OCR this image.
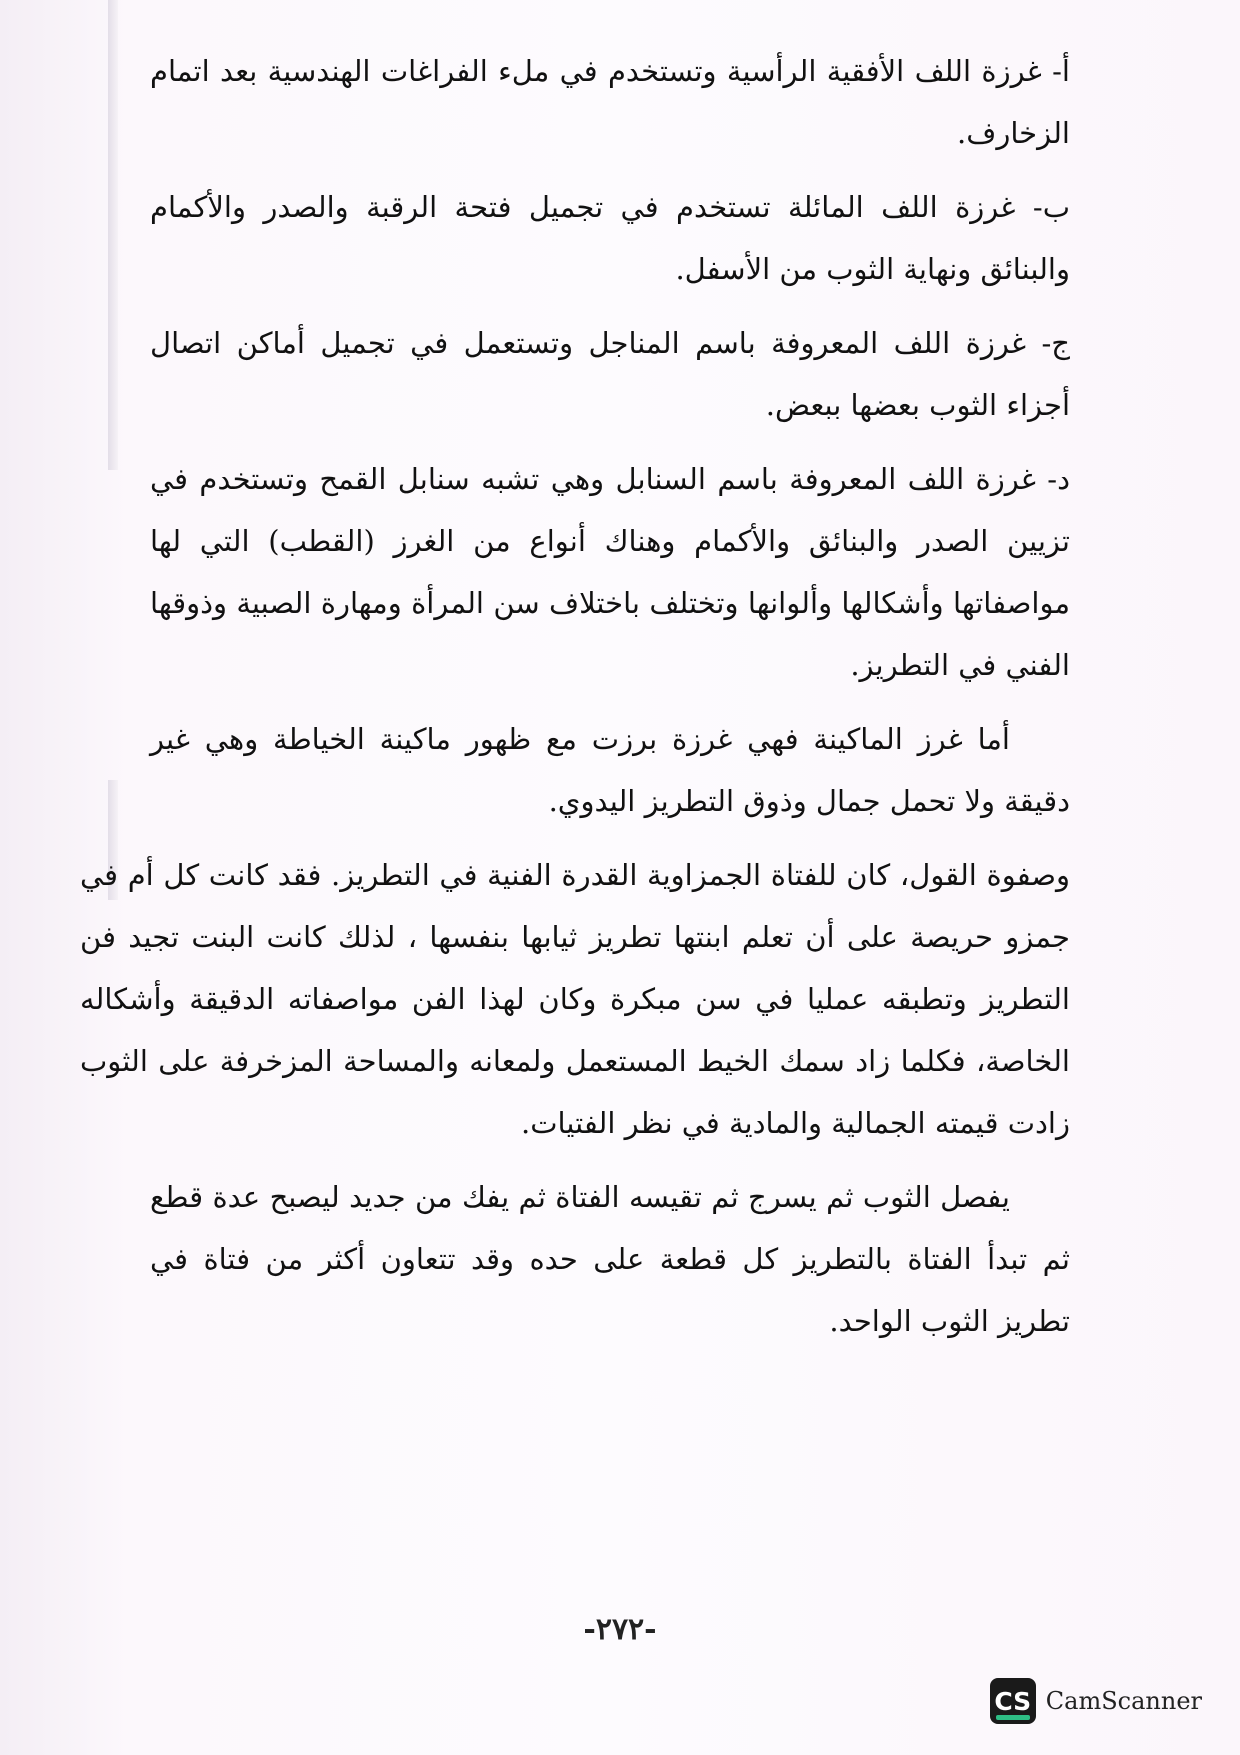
أ- غرزة اللف الأفقية الرأسية وتستخدم في ملء الفراغات الهندسية بعد اتمام الزخارف.

ب- غرزة اللف المائلة تستخدم في تجميل فتحة الرقبة والصدر والأكمام والبنائق ونهاية الثوب من الأسفل.

ج- غرزة اللف المعروفة باسم المناجل وتستعمل في تجميل أماكن اتصال أجزاء الثوب بعضها ببعض.

د- غرزة اللف المعروفة باسم السنابل وهي تشبه سنابل القمح وتستخدم في تزيين الصدر والبنائق والأكمام وهناك أنواع من الغرز (القطب) التي لها مواصفاتها وأشكالها وألوانها وتختلف باختلاف سن المرأة ومهارة الصبية وذوقها الفني في التطريز.

أما غرز الماكينة فهي غرزة برزت مع ظهور ماكينة الخياطة وهي غير دقيقة ولا تحمل جمال وذوق التطريز اليدوي.

وصفوة القول، كان للفتاة الجمزاوية القدرة الفنية في التطريز. فقد كانت كل أم في جمزو حريصة على أن تعلم ابنتها تطريز ثيابها بنفسها ، لذلك كانت البنت تجيد فن التطريز وتطبقه عمليا في سن مبكرة وكان لهذا الفن مواصفاته الدقيقة وأشكاله الخاصة، فكلما زاد سمك الخيط المستعمل ولمعانه والمساحة المزخرفة على الثوب زادت قيمته الجمالية والمادية في نظر الفتيات.

يفصل الثوب ثم يسرج ثم تقيسه الفتاة ثم يفك من جديد ليصبح عدة قطع ثم تبدأ الفتاة بالتطريز كل قطعة على حده وقد تتعاون أكثر من فتاة في تطريز الثوب الواحد.

-٢٧٢-
CS CamScanner
